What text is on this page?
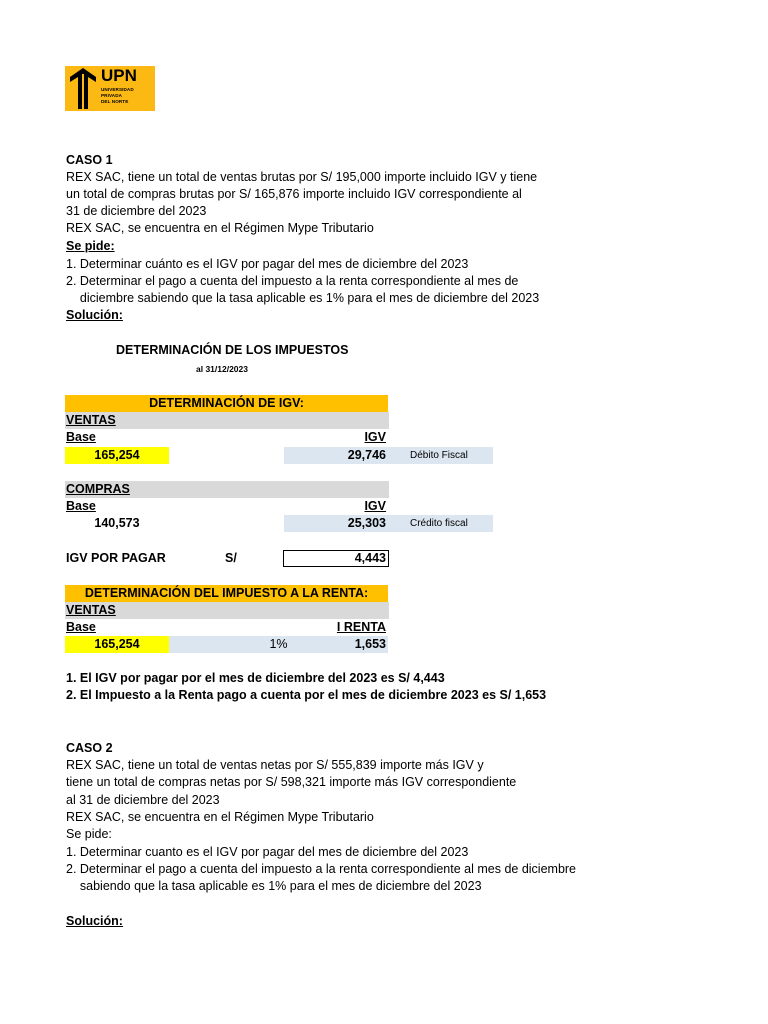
UPN
UNIVERSIDAD
PRIVADA
DEL NORTE
CASO 1
REX SAC, tiene un total de ventas brutas por S/ 195,000 importe incluido IGV y tiene
un total de compras brutas por S/ 165,876 importe incluido IGV correspondiente al
31 de diciembre del 2023
REX SAC, se encuentra en el Régimen Mype Tributario
Se pide:
1. Determinar cuánto es el IGV por pagar del mes de diciembre del 2023
2. Determinar el pago a cuenta del impuesto a la renta correspondiente al mes de
diciembre sabiendo que la tasa aplicable es 1% para el mes de diciembre del 2023
Solución:
DETERMINACIÓN DE LOS IMPUESTOS
al 31/12/2023
DETERMINACIÓN DE IGV:
VENTAS
Base	IGV
165,254	29,746	Débito Fiscal
COMPRAS
Base	IGV
140,573	25,303	Crédito fiscal
IGV POR PAGAR	S/	4,443
DETERMINACIÓN DEL IMPUESTO A LA RENTA:
VENTAS
Base	I RENTA
165,254	1%	1,653
1. El IGV por pagar por el mes de diciembre del 2023 es S/ 4,443
2. El Impuesto a la Renta pago a cuenta por el mes de diciembre 2023 es S/ 1,653
CASO 2
REX SAC, tiene un total de ventas netas por S/ 555,839 importe más IGV y
tiene un total de compras netas por S/ 598,321 importe más IGV correspondiente
al 31 de diciembre del 2023
REX SAC, se encuentra en el Régimen Mype Tributario
Se pide:
1. Determinar cuanto es el IGV por pagar del mes de diciembre del 2023
2. Determinar el pago a cuenta del impuesto a la renta correspondiente al mes de diciembre
sabiendo que la tasa aplicable es 1% para el mes de diciembre del 2023
Solución:
